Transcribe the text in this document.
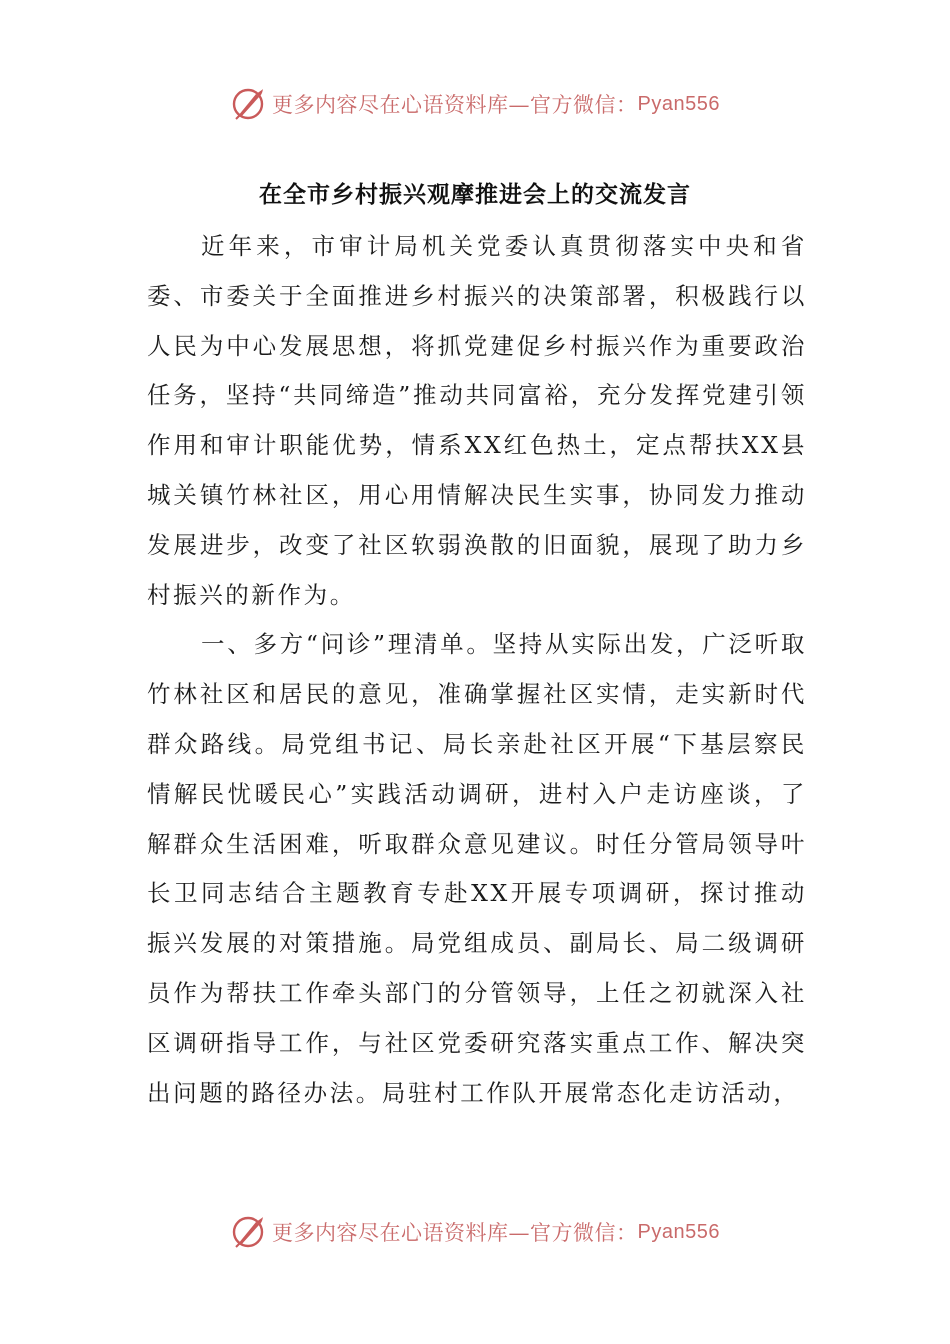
更多内容尽在心语资料库—官方微信： Pyan556
在全市乡村振兴观摩推进会上的交流发言

近年来，市审计局机关党委认真贯彻落实中央和省委、市委关于全面推进乡村振兴的决策部署，积极践行以人民为中心发展思想，将抓党建促乡村振兴作为重要政治任务，坚持“共同缔造”推动共同富裕，充分发挥党建引领作用和审计职能优势，情系XX红色热土，定点帮扶XX县城关镇竹林社区，用心用情解决民生实事，协同发力推动发展进步，改变了社区软弱涣散的旧面貌，展现了助力乡村振兴的新作为。

一、多方“问诊”理清单。坚持从实际出发，广泛听取竹林社区和居民的意见，准确掌握社区实情，走实新时代群众路线。局党组书记、局长亲赴社区开展“下基层察民情解民忧暖民心”实践活动调研，进村入户走访座谈，了解群众生活困难，听取群众意见建议。时任分管局领导叶长卫同志结合主题教育专赴XX开展专项调研，探讨推动振兴发展的对策措施。局党组成员、副局长、局二级调研员作为帮扶工作牵头部门的分管领导，上任之初就深入社区调研指导工作，与社区党委研究落实重点工作、解决突出问题的路径办法。局驻村工作队开展常态化走访活动，

更多内容尽在心语资料库—官方微信： Pyan556
